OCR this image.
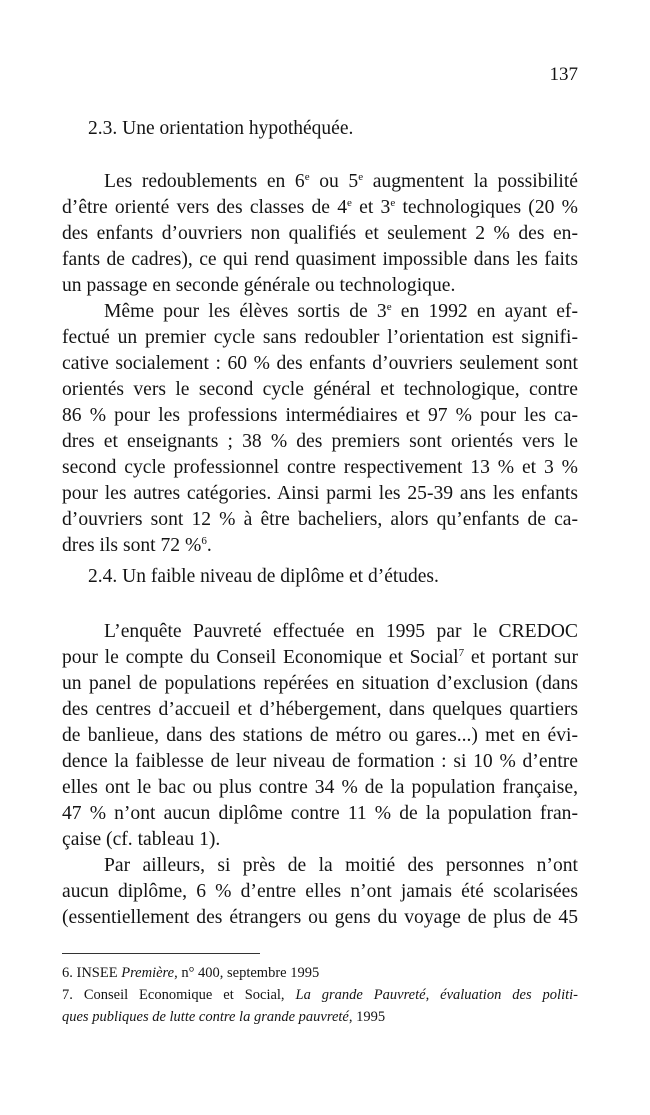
137
2.3. Une orientation hypothéquée.
Les redoublements en 6e ou 5e augmentent la possibilité
d’être orienté vers des classes de 4e et 3e technologiques (20 %
des enfants d’ouvriers non qualifiés et seulement 2 % des en-
fants de cadres), ce qui rend quasiment impossible dans les faits
un passage en seconde générale ou technologique.
Même pour les élèves sortis de 3e en 1992 en ayant ef-
fectué un premier cycle sans redoubler l’orientation est signifi-
cative socialement : 60 % des enfants d’ouvriers seulement sont
orientés vers le second cycle général et technologique, contre
86 % pour les professions intermédiaires et 97 % pour les ca-
dres et enseignants ; 38 % des premiers sont orientés vers le
second cycle professionnel contre respectivement 13 % et 3 %
pour les autres catégories. Ainsi parmi les 25-39 ans les enfants
d’ouvriers sont 12 % à être bacheliers, alors qu’enfants de ca-
dres ils sont 72 %$^6$.
2.4. Un faible niveau de diplôme et d’études.
L’enquête Pauvreté effectuée en 1995 par le CREDOC
pour le compte du Conseil Economique et Social$^7$ et portant sur
un panel de populations repérées en situation d’exclusion (dans
des centres d’accueil et d’hébergement, dans quelques quartiers
de banlieue, dans des stations de métro ou gares...) met en évi-
dence la faiblesse de leur niveau de formation : si 10 % d’entre
elles ont le bac ou plus contre 34 % de la population française,
47 % n’ont aucun diplôme contre 11 % de la population fran-
çaise (cf. tableau 1).
Par ailleurs, si près de la moitié des personnes n’ont
aucun diplôme, 6 % d’entre elles n’ont jamais été scolarisées
(essentiellement des étrangers ou gens du voyage de plus de 45
6. INSEE Première, n° 400, septembre 1995
7. Conseil Economique et Social, La grande Pauvreté, évaluation des politi-
ques publiques de lutte contre la grande pauvreté, 1995
